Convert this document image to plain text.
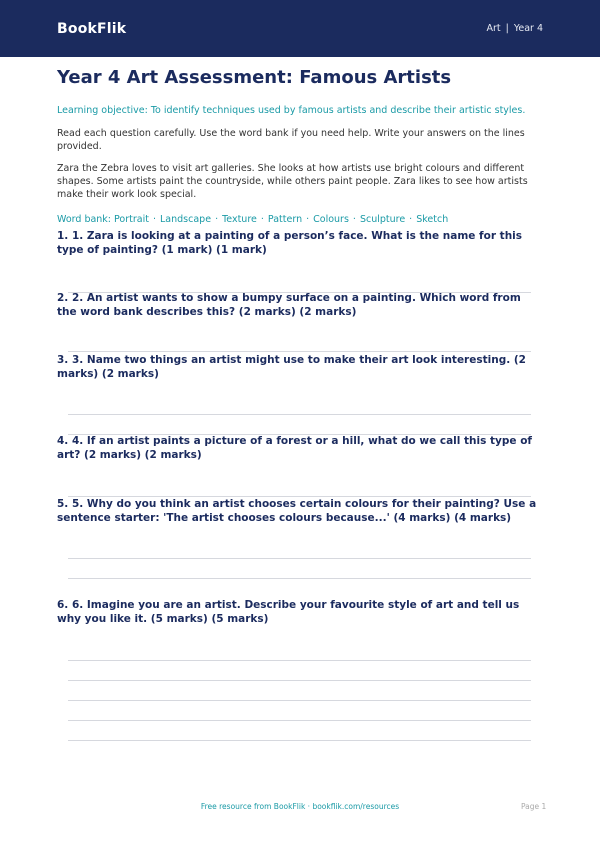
BookFlik	Art | Year 4
Year 4 Art Assessment: Famous Artists
Learning objective: To identify techniques used by famous artists and describe their artistic styles.
Read each question carefully. Use the word bank if you need help. Write your answers on the lines provided.
Zara the Zebra loves to visit art galleries. She looks at how artists use bright colours and different shapes. Some artists paint the countryside, while others paint people. Zara likes to see how artists make their work look special.
Word bank: Portrait · Landscape · Texture · Pattern · Colours · Sculpture · Sketch
1. 1. Zara is looking at a painting of a person’s face. What is the name for this type of painting? (1 mark) (1 mark)
2. 2. An artist wants to show a bumpy surface on a painting. Which word from the word bank describes this? (2 marks) (2 marks)
3. 3. Name two things an artist might use to make their art look interesting. (2 marks) (2 marks)
4. 4. If an artist paints a picture of a forest or a hill, what do we call this type of art? (2 marks) (2 marks)
5. 5. Why do you think an artist chooses certain colours for their painting? Use a sentence starter: 'The artist chooses colours because...' (4 marks) (4 marks)
6. 6. Imagine you are an artist. Describe your favourite style of art and tell us why you like it. (5 marks) (5 marks)
Free resource from BookFlik · bookflik.com/resources	Page 1
